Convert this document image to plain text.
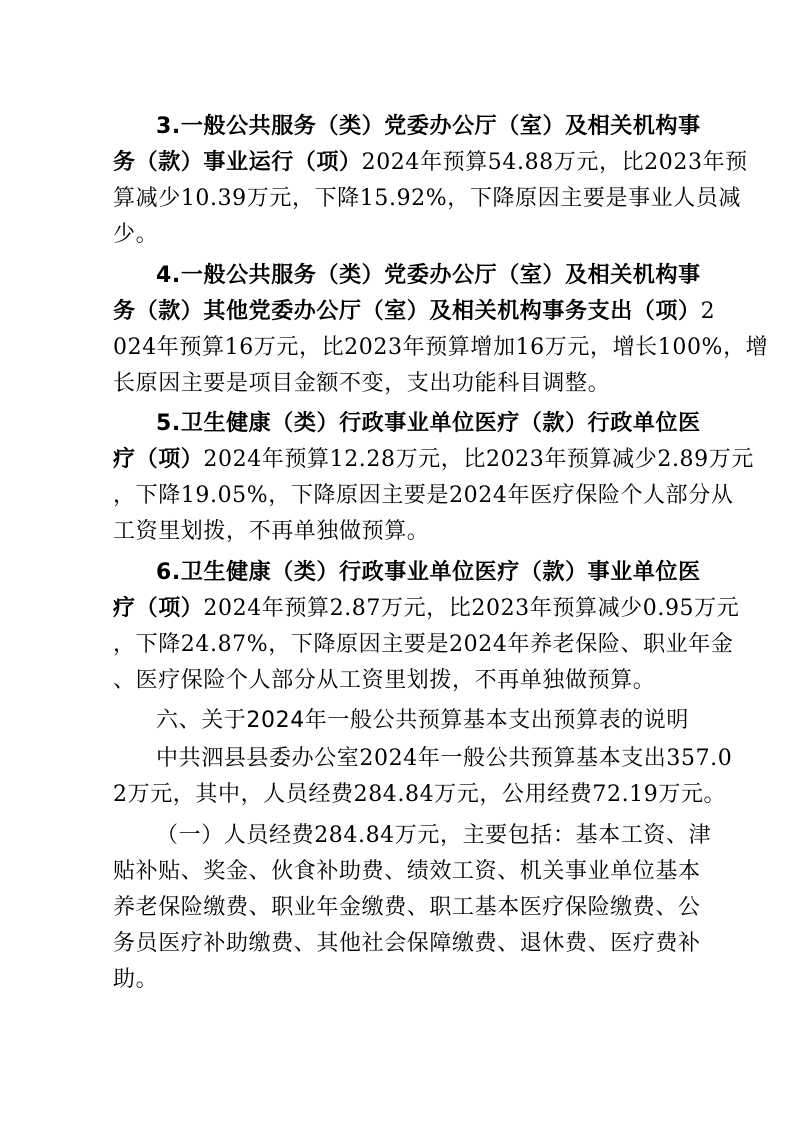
3.一般公共服务（类）党委办公厅（室）及相关机构事
务（款）事业运行（项）2024年预算54.88万元，比2023年预
算减少10.39万元，下降15.92%，下降原因主要是事业人员减
少。
4.一般公共服务（类）党委办公厅（室）及相关机构事
务（款）其他党委办公厅（室）及相关机构事务支出（项）2
024年预算16万元，比2023年预算增加16万元，增长100%，增
长原因主要是项目金额不变，支出功能科目调整。
5.卫生健康（类）行政事业单位医疗（款）行政单位医
疗（项）2024年预算12.28万元，比2023年预算减少2.89万元
，下降19.05%，下降原因主要是2024年医疗保险个人部分从
工资里划拨，不再单独做预算。
6.卫生健康（类）行政事业单位医疗（款）事业单位医
疗（项）2024年预算2.87万元，比2023年预算减少0.95万元
，下降24.87%，下降原因主要是2024年养老保险、职业年金
、医疗保险个人部分从工资里划拨，不再单独做预算。
六、关于2024年一般公共预算基本支出预算表的说明
中共泗县县委办公室2024年一般公共预算基本支出357.0
2万元，其中，人员经费284.84万元，公用经费72.19万元。
（一）人员经费284.84万元，主要包括：基本工资、津
贴补贴、奖金、伙食补助费、绩效工资、机关事业单位基本
养老保险缴费、职业年金缴费、职工基本医疗保险缴费、公
务员医疗补助缴费、其他社会保障缴费、退休费、医疗费补
助。
